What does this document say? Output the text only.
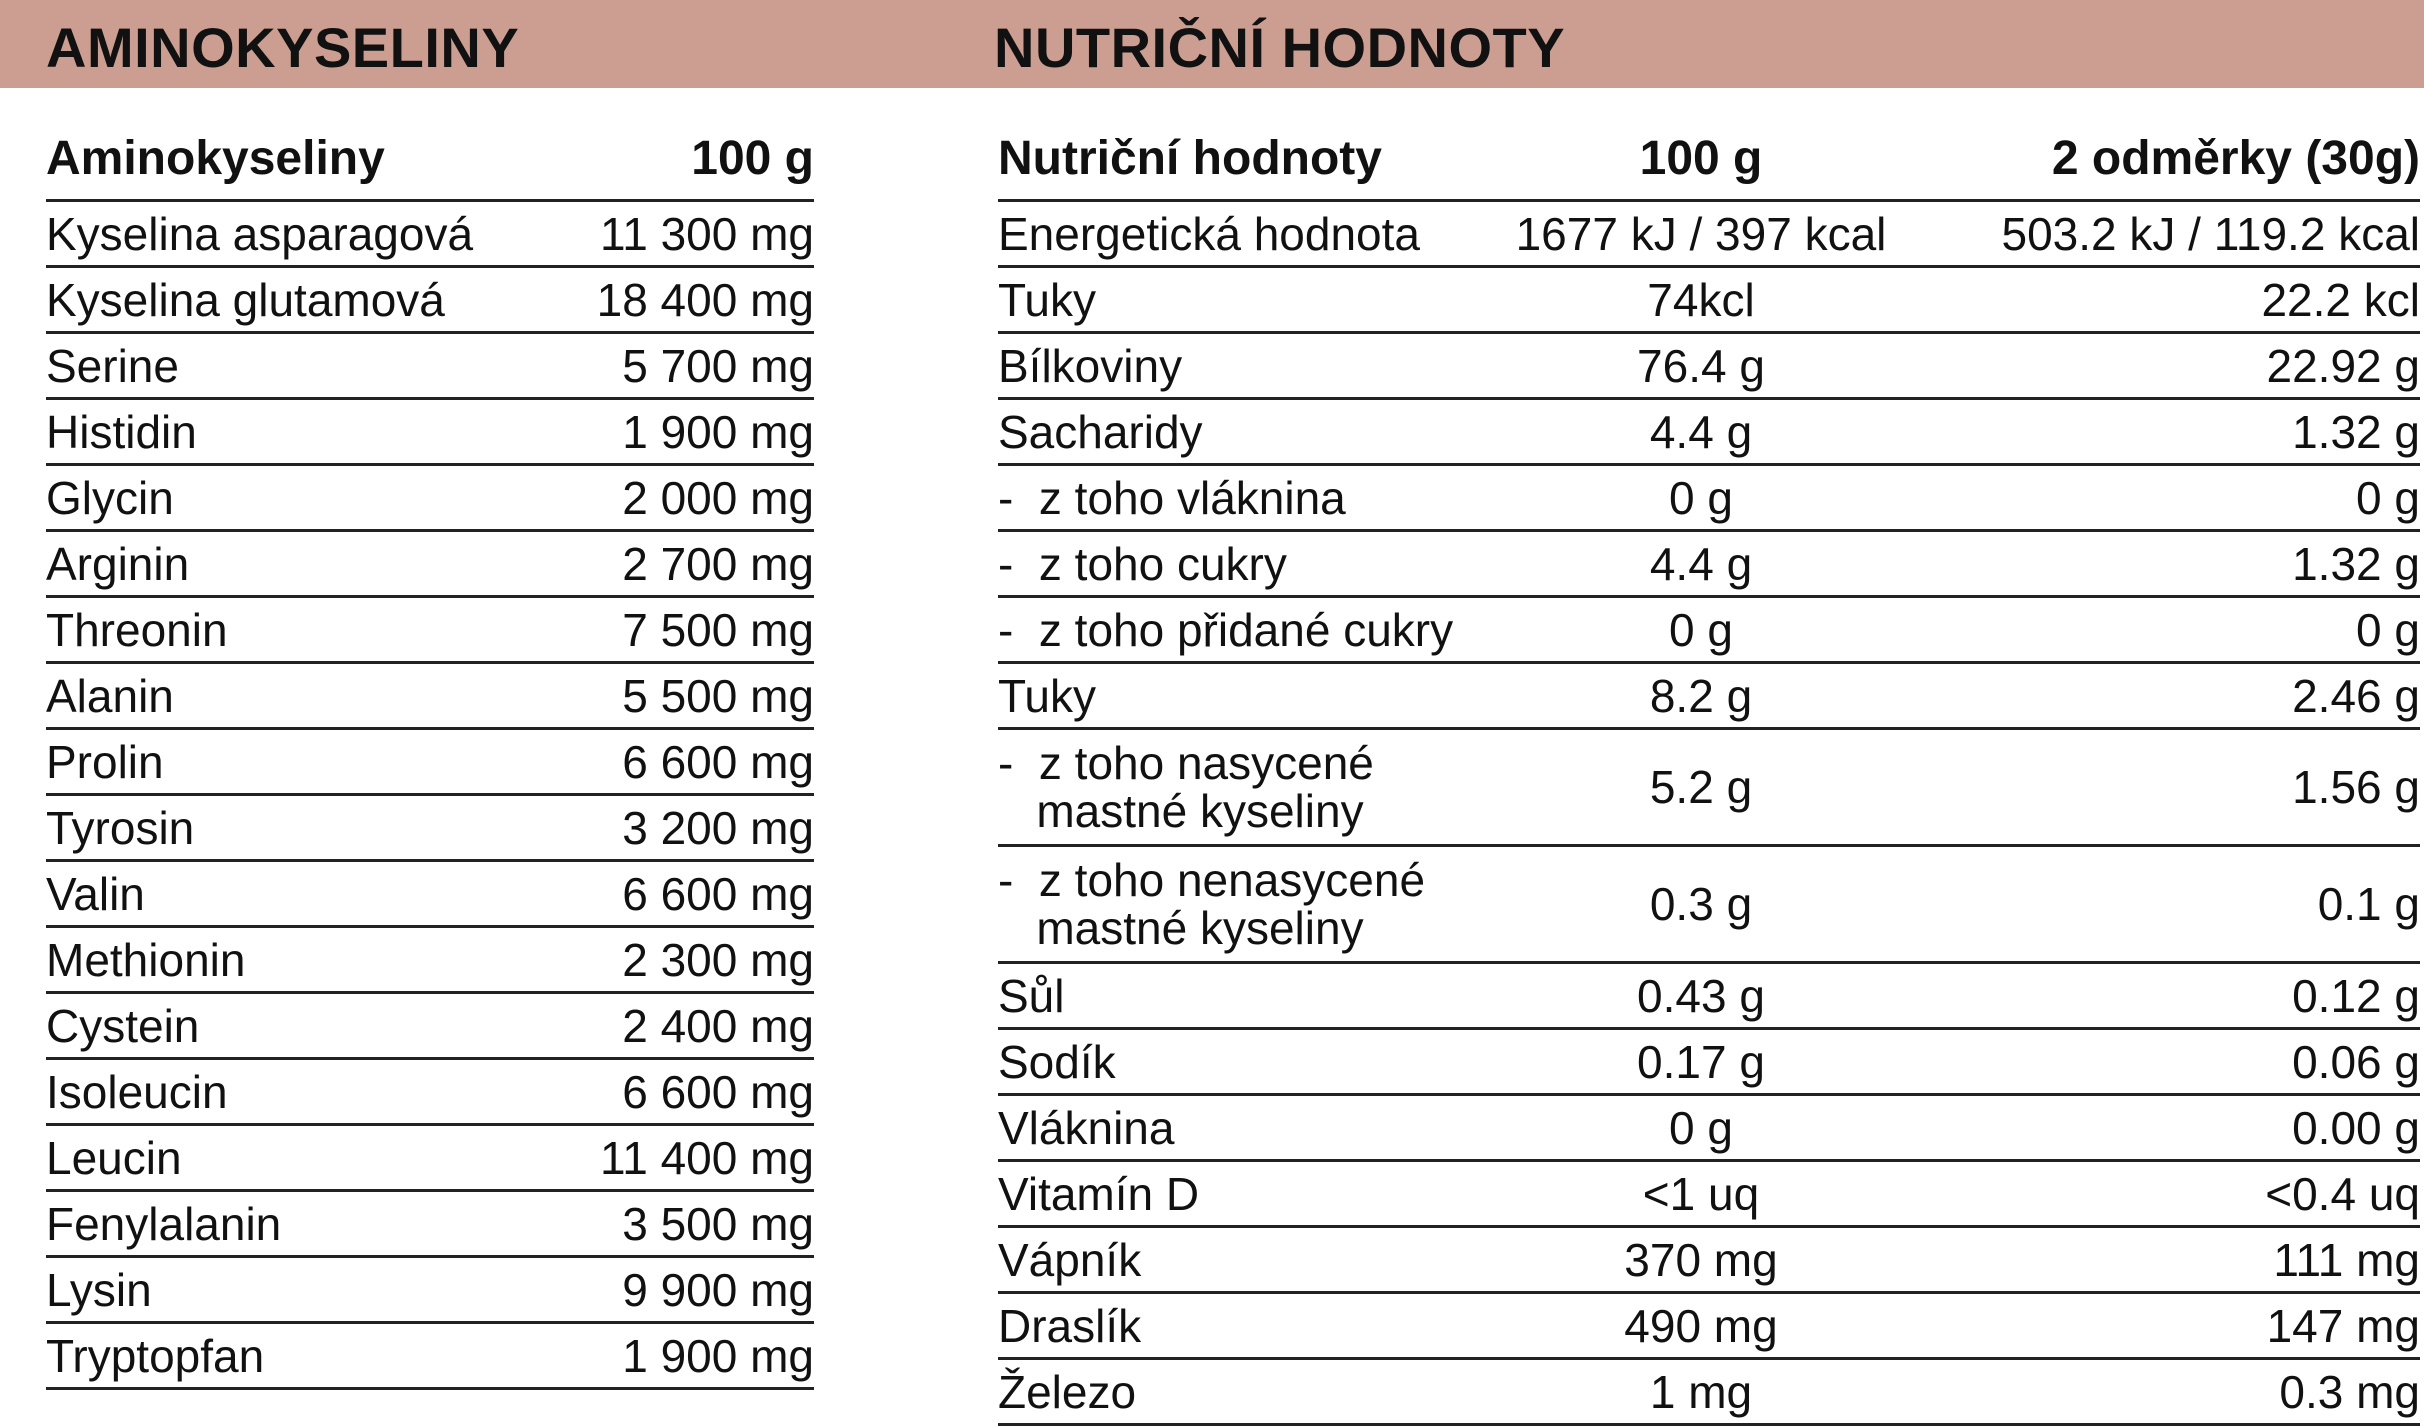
AMINOKYSELINY	NUTRIČNÍ HODNOTY
Aminokyseliny	100 g
Kyselina asparagová	11 300 mg
Kyselina glutamová	18 400 mg
Serine	5 700 mg
Histidin	1 900 mg
Glycin	2 000 mg
Arginin	2 700 mg
Threonin	7 500 mg
Alanin	5 500 mg
Prolin	6 600 mg
Tyrosin	3 200 mg
Valin	6 600 mg
Methionin	2 300 mg
Cystein	2 400 mg
Isoleucin	6 600 mg
Leucin	11 400 mg
Fenylalanin	3 500 mg
Lysin	9 900 mg
Tryptopfan	1 900 mg
Nutriční hodnoty	100 g	2 odměrky (30g)
Energetická hodnota	1677 kJ / 397 kcal	503.2 kJ / 119.2 kcal
Tuky	74kcl	22.2 kcl
Bílkoviny	76.4 g	22.92 g
Sacharidy	4.4 g	1.32 g
-  z toho vláknina	0 g	0 g
-  z toho cukry	4.4 g	1.32 g
-  z toho přidané cukry	0 g	0 g
Tuky	8.2 g	2.46 g
-  z toho nasycené
mastné kyseliny	5.2 g	1.56 g
-  z toho nenasycené
mastné kyseliny	0.3 g	0.1 g
Sůl	0.43 g	0.12 g
Sodík	0.17 g	0.06 g
Vláknina	0 g	0.00 g
Vitamín D	<1 uq	<0.4 uq
Vápník	370 mg	111 mg
Draslík	490 mg	147 mg
Železo	1 mg	0.3 mg
